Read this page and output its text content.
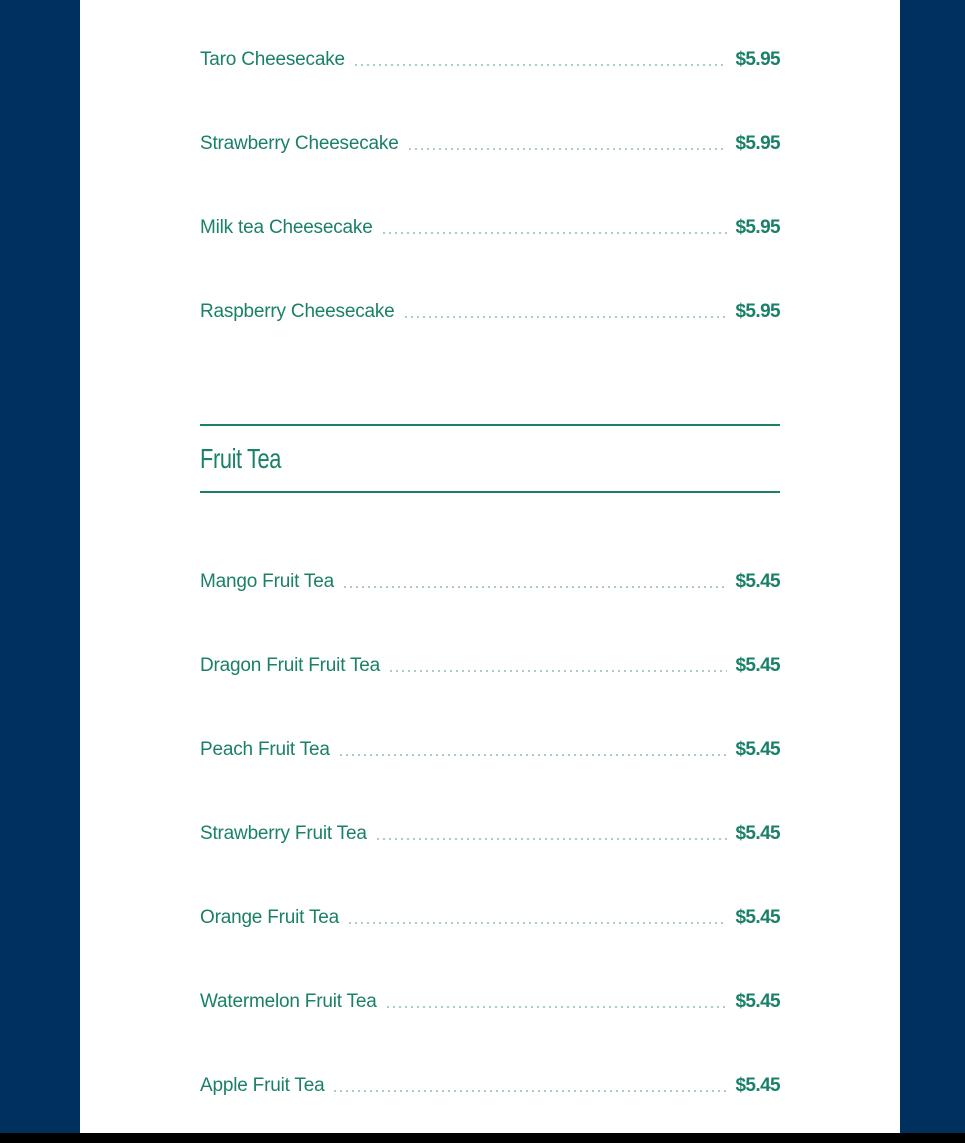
Taro Cheesecake	$5.95
Strawberry Cheesecake	$5.95
Milk tea Cheesecake	$5.95
Raspberry Cheesecake	$5.95
Fruit Tea
Mango Fruit Tea	$5.45
Dragon Fruit Fruit Tea	$5.45
Peach Fruit Tea	$5.45
Strawberry Fruit Tea	$5.45
Orange Fruit Tea	$5.45
Watermelon Fruit Tea	$5.45
Apple Fruit Tea	$5.45
